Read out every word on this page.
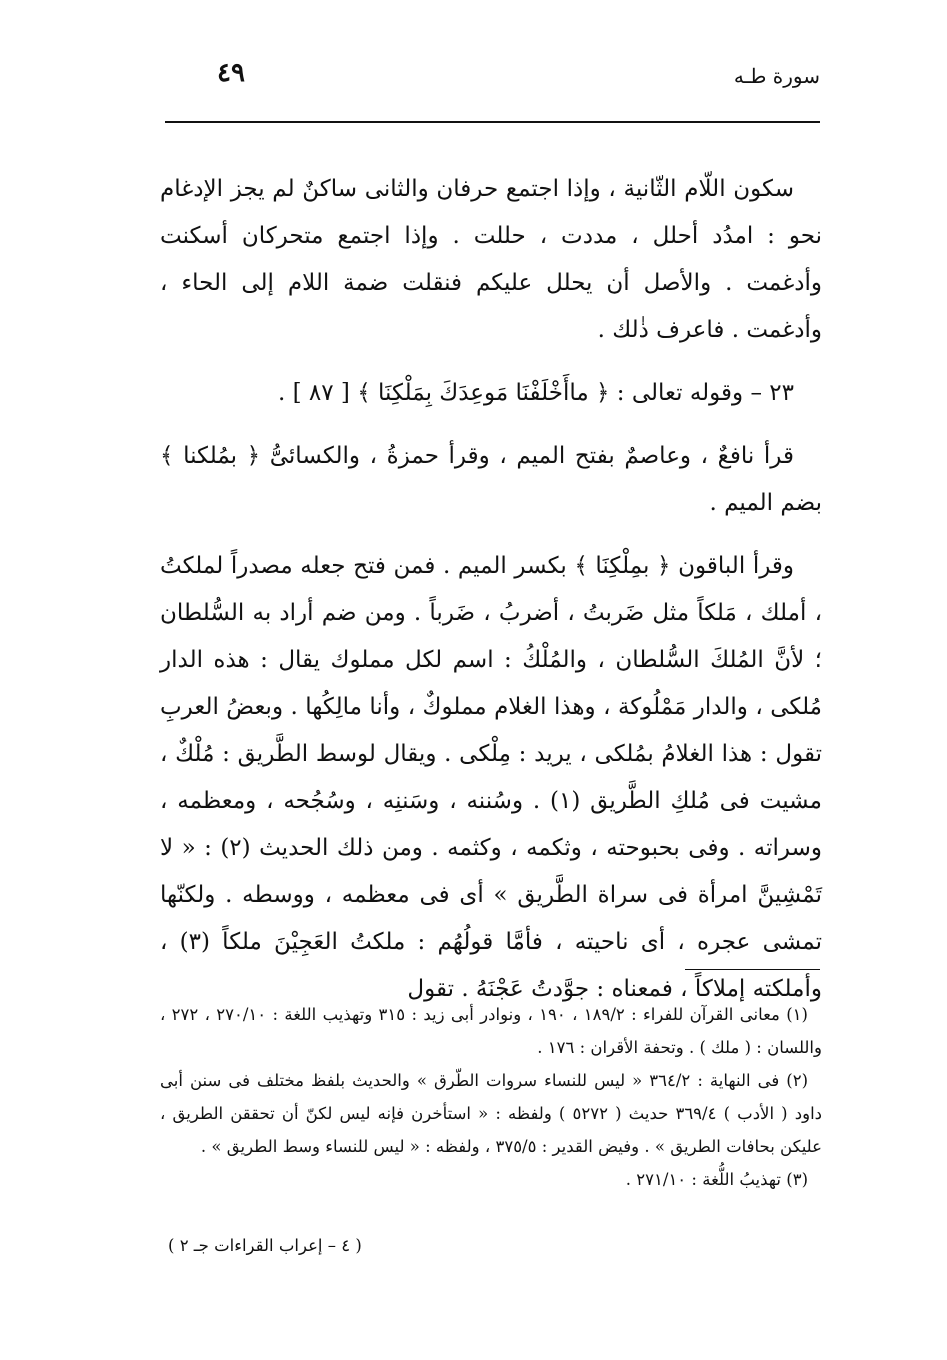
سورة طـه
٤٩

سكون اللّام الثّانية ، وإذا اجتمع حرفان والثانى ساكنٌ لم يجز الإدغام نحو : امدُد أحلل ، مددت ، حللت . وإذا اجتمع متحركان أسكنت وأدغمت . والأصل أن يحلل عليكم فنقلت ضمة اللام إلى الحاء ، وأدغمت . فاعرف ذٰلك .

٢٣ – وقوله تعالى : ﴿ ماأَخْلَفْنَا مَوعِدَكَ بِمَلْكِنَا ﴾ [ ٨٧ ] .

قرأ نافعٌ ، وعاصمٌ بفتح الميم ، وقرأ حمزةُ ، والكسائىُّ ﴿ بمُلكنا ﴾ بضم الميم .

وقرأ الباقون ﴿ بمِلْكِنَا ﴾ بكسر الميم . فمن فتح جعله مصدراً لملكتُ ، أملك ، مَلكاً مثل ضَربتُ ، أضربُ ، ضَرباً . ومن ضم أراد به السُّلطان ؛ لأنَّ المُلكَ السُّلطان ، والمُلْكُ : اسم لكل مملوك يقال : هذه الدار مُلكى ، والدار مَمْلُوكة ، وهذا الغلام مملوكٌ ، وأنا مالِكُها . وبعضُ العربِ تقول : هذا الغلامُ بمُلكى ، يريد : مِلْكى . ويقال لوسط الطَّريق : مُلْكٌ ، مشيت فى مُلكِ الطَّريق (١) . وسُننه ، وسَننِه ، وسُجُحه ، ومعظمه ، وسراته . وفى بحبوحته ، وثكمه ، وكثمه . ومن ذلك الحديث (٢) : « لا تَمْشِينَّ امرأة فى سراة الطَّريق » أى فى معظمه ، ووسطه . ولكنّها تمشى عجره ، أى ناحيته ، فأمَّا قولُهُم : ملكتُ العَجِيْنَ ملكاً (٣) ، وأملكته إملاكاً ، فمعناه : جوَّدتُ عَجْنَهُ . تقول

(١) معانى القرآن للفراء : ١٨٩/٢ ، ١٩٠ ، ونوادر أبى زيد : ٣١٥ وتهذيب اللغة : ٢٧٠/١٠ ، ٢٧٢ ، واللسان : ( ملك ) . وتحفة الأقران : ١٧٦ .

(٢) فى النهاية : ٣٦٤/٢ « ليس للنساء سروات الطّرق » والحديث بلفظ مختلف فى سنن أبى داود ( الأدب ) ٣٦٩/٤ حديث ( ٥٢٧٢ ) ولفظه : « استأخرن فإنه ليس لكنّ أن تحققن الطريق ، عليكن بحافات الطريق » . وفيض القدير : ٣٧٥/٥ ، ولفظه : « ليس للنساء وسط الطريق » .

(٣) تهذيبُ اللُّغة : ٢٧١/١٠ .

( ٤ – إعراب القراءات جـ ٢ )
